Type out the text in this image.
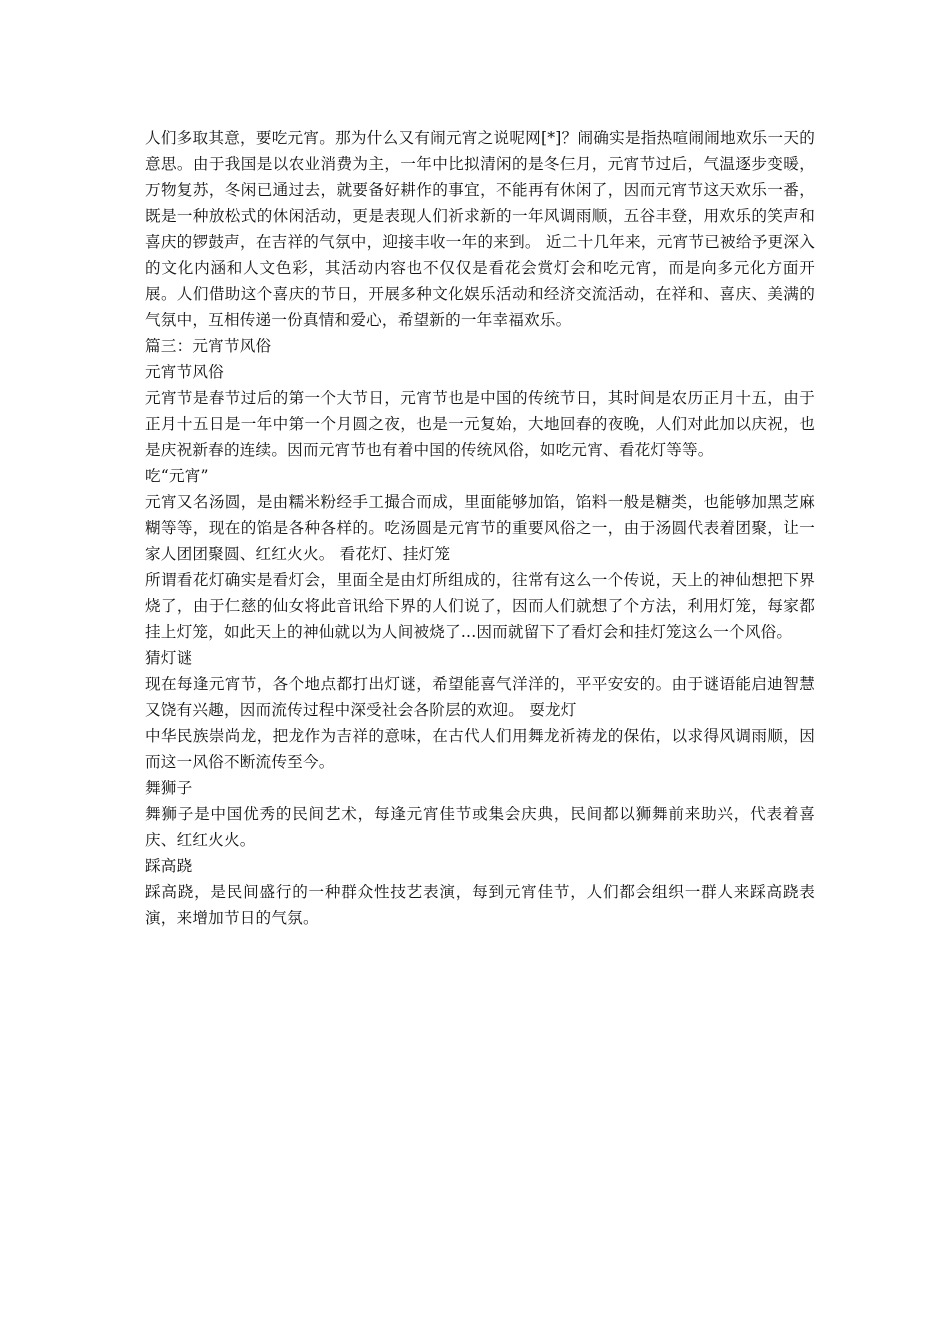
人们多取其意，要吃元宵。那为什么又有闹元宵之说呢网[*]？闹确实是指热喧闹闹地欢乐一天的意思。由于我国是以农业消费为主，一年中比拟清闲的是冬仨月，元宵节过后，气温逐步变暖，万物复苏，冬闲已通过去，就要备好耕作的事宜，不能再有休闲了，因而元宵节这天欢乐一番，既是一种放松式的休闲活动，更是表现人们祈求新的一年风调雨顺，五谷丰登，用欢乐的笑声和喜庆的锣鼓声，在吉祥的气氛中，迎接丰收一年的来到。 近二十几年来，元宵节已被给予更深入的文化内涵和人文色彩，其活动内容也不仅仅是看花会赏灯会和吃元宵，而是向多元化方面开展。人们借助这个喜庆的节日，开展多种文化娱乐活动和经济交流活动，在祥和、喜庆、美满的气氛中，互相传递一份真情和爱心，希望新的一年幸福欢乐。

篇三：元宵节风俗

元宵节风俗

元宵节是春节过后的第一个大节日，元宵节也是中国的传统节日，其时间是农历正月十五，由于正月十五日是一年中第一个月圆之夜，也是一元复始，大地回春的夜晚，人们对此加以庆祝，也是庆祝新春的连续。因而元宵节也有着中国的传统风俗，如吃元宵、看花灯等等。

吃“元宵”

元宵又名汤圆，是由糯米粉经手工撮合而成，里面能够加馅，馅料一般是糖类，也能够加黑芝麻糊等等，现在的馅是各种各样的。吃汤圆是元宵节的重要风俗之一，由于汤圆代表着团聚，让一家人团团聚圆、红红火火。 看花灯、挂灯笼

所谓看花灯确实是看灯会，里面全是由灯所组成的，往常有这么一个传说，天上的神仙想把下界烧了，由于仁慈的仙女将此音讯给下界的人们说了，因而人们就想了个方法，利用灯笼，每家都挂上灯笼，如此天上的神仙就以为人间被烧了...因而就留下了看灯会和挂灯笼这么一个风俗。

猜灯谜

现在每逢元宵节，各个地点都打出灯谜，希望能喜气洋洋的，平平安安的。由于谜语能启迪智慧又饶有兴趣，因而流传过程中深受社会各阶层的欢迎。 耍龙灯

中华民族崇尚龙，把龙作为吉祥的意味，在古代人们用舞龙祈祷龙的保佑，以求得风调雨顺，因而这一风俗不断流传至今。

舞狮子

舞狮子是中国优秀的民间艺术，每逢元宵佳节或集会庆典，民间都以狮舞前来助兴，代表着喜庆、红红火火。

踩高跷

踩高跷，是民间盛行的一种群众性技艺表演，每到元宵佳节，人们都会组织一群人来踩高跷表演，来增加节日的气氛。
